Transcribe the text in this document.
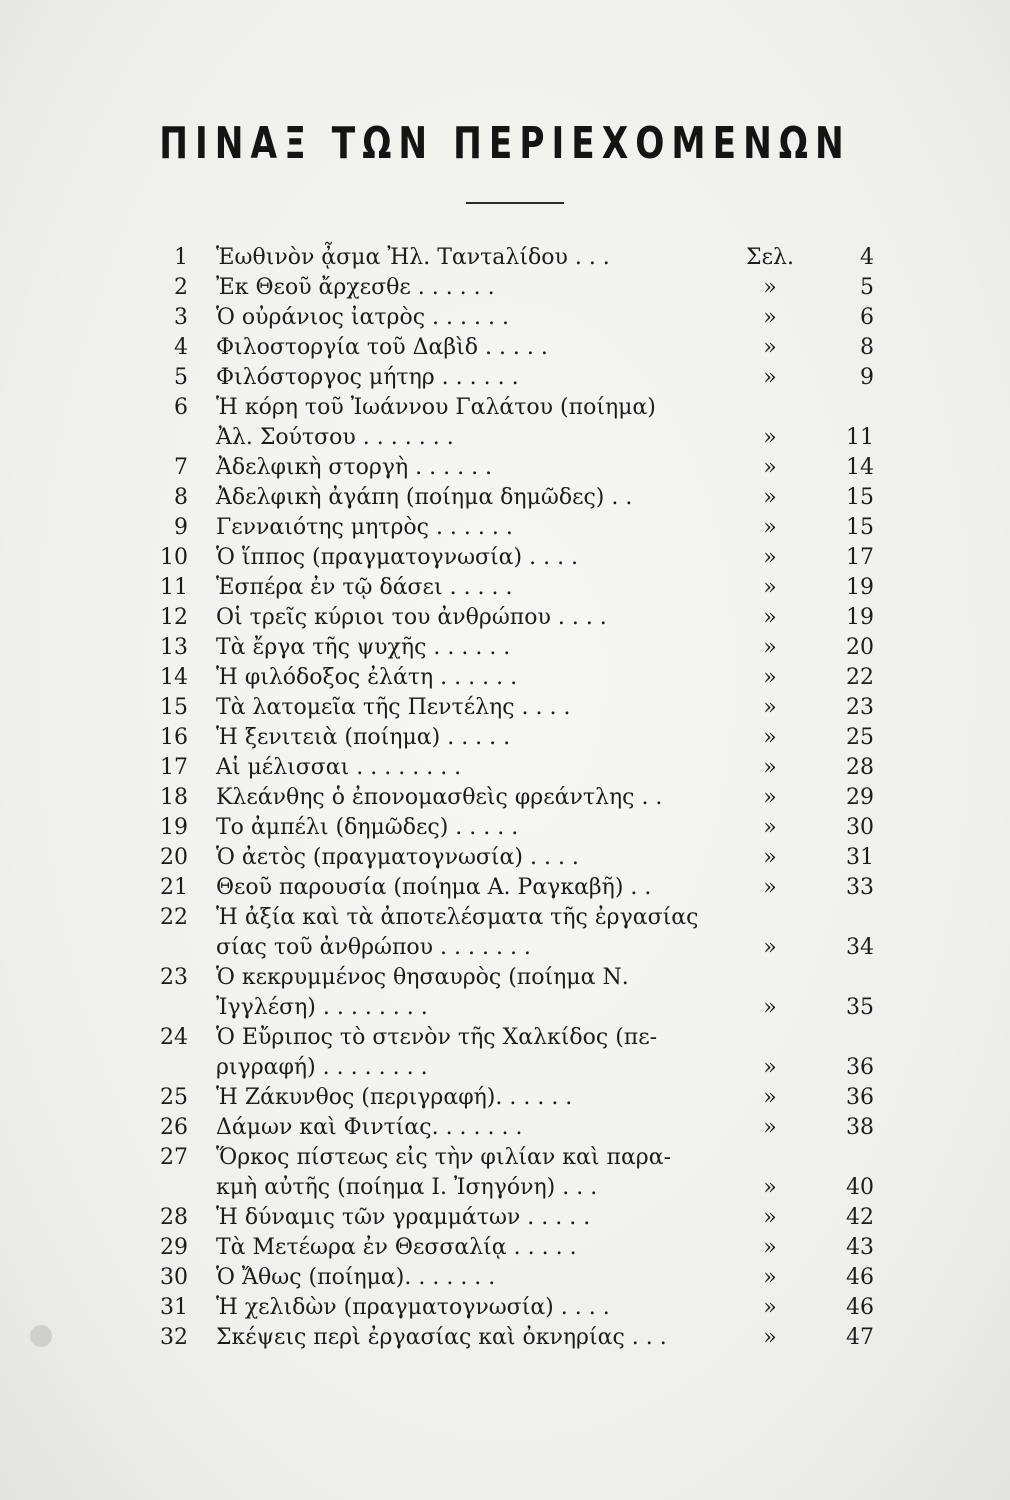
ΠΙΝΑΞ ΤΩΝ ΠΕΡΙΕΧΟΜΕΝΩΝ
1 Ἑωθινὸν ᾆσμα Ἠλ. Ταντaλίδου . . .	Σελ.	4
2 Ἐκ Θεοῦ ἄρχεσθε . . . . . .	»	5
3 Ὁ οὐράνιος ἰατρὸς . . . . . .	»	6
4 Φιλοστοργία τοῦ Δαβὶδ . . . . .	»	8
5 Φιλόστοργος μήτηρ . . . . . .	»	9
6 Ἡ κόρη τοῦ Ἰωάννου Γαλάτου (ποίημα)
Ἀλ. Σούτσου . . . . . . .	»	11
7 Ἀδελφικὴ στοργὴ . . . . . .	»	14
8 Ἀδελφικὴ ἀγάπη (ποίημα δημῶδες) . .	»	15
9 Γενναιότης μητρὸς . . . . . .	»	15
10 Ὁ ἵππος (πραγματογνωσία) . . . .	»	17
11 Ἑσπέρα ἐν τῷ δάσει . . . . .	»	19
12 Οἱ τρεῖς κύριοι του ἀνθρώπου . . . .	»	19
13 Τὰ ἔργα τῆς ψυχῆς . . . . . .	»	20
14 Ἡ φιλόδοξος ἐλάτη . . . . . .	»	22
15 Τὰ λατομεῖα τῆς Πεντέλης . . . .	»	23
16 Ἡ ξενιτειὰ (ποίημα) . . . . .	»	25
17 Αἱ μέλισσαι . . . . . . . .	»	28
18 Κλεάνθης ὁ ἐπονομασθεὶς φρεάντλης . .	»	29
19 Το ἀμπέλι (δημῶδες) . . . . .	»	30
20 Ὁ ἀετὸς (πραγματογνωσία) . . . .	»	31
21 Θεοῦ παρουσία (ποίημα Α. Ραγκαβῆ) . .	»	33
22 Ἡ ἀξία καὶ τὰ ἀποτελέσματα τῆς ἐργασίας
σίας τοῦ ἀνθρώπου . . . . . . .	»	34
23 Ὁ κεκρυμμένος θησαυρὸς (ποίημα Ν.
Ἰγγλέση) . . . . . . . .	»	35
24 Ὁ Εὔριπος τὸ στενὸν τῆς Χαλκίδος (πε-
ριγραφή) . . . . . . . .	»	36
25 Ἡ Ζάκυνθος (περιγραφή). . . . . .	»	36
26 Δάμων καὶ Φιντίας. . . . . . .	»	38
27 Ὅρκος πίστεως εἰς τὴν φιλίαν καὶ παρα-
κμὴ αὐτῆς (ποίημα Ι. Ἰσηγόνη) . . .	»	40
28 Ἡ δύναμις τῶν γραμμάτων . . . . .	»	42
29 Τὰ Μετέωρα ἐν Θεσσαλίᾳ . . . . .	»	43
30 Ὁ Ἄθως (ποίημα). . . . . . .	»	46
31 Ἡ χελιδὼν (πραγματογνωσία) . . . .	»	46
32 Σκέψεις περὶ ἐργασίας καὶ ὀκνηρίας . . .	»	47
